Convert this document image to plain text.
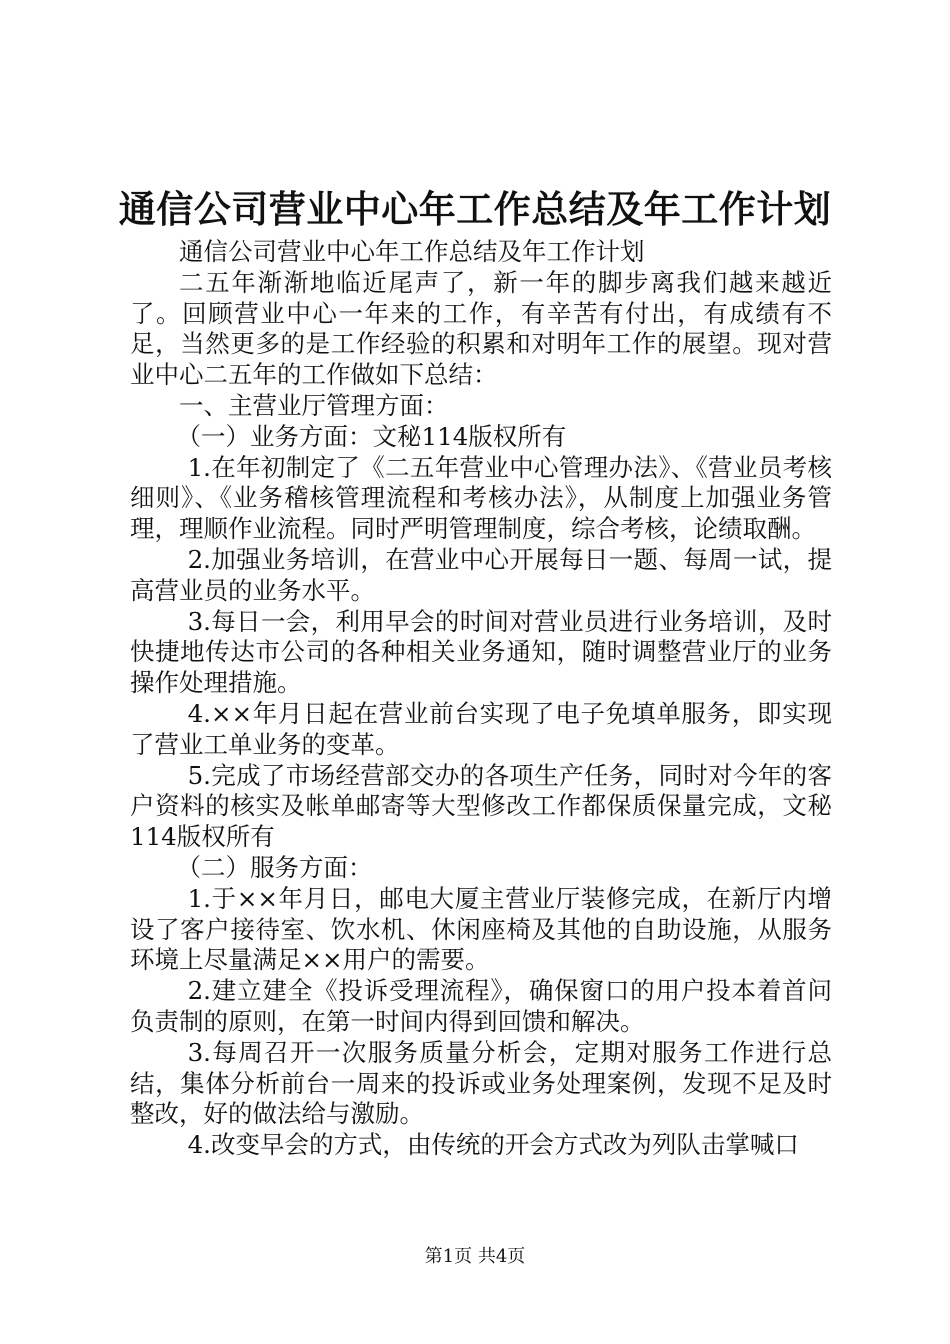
通信公司营业中心年工作总结及年工作计划

通信公司营业中心年工作总结及年工作计划

二五年渐渐地临近尾声了，新一年的脚步离我们越来越近了。回顾营业中心一年来的工作，有辛苦有付出，有成绩有不足，当然更多的是工作经验的积累和对明年工作的展望。现对营业中心二五年的工作做如下总结：

一、主营业厅管理方面：

（一）业务方面：文秘114版权所有

1.在年初制定了《二五年营业中心管理办法》、《营业员考核细则》、《业务稽核管理流程和考核办法》，从制度上加强业务管理，理顺作业流程。同时严明管理制度，综合考核，论绩取酬。

2.加强业务培训，在营业中心开展每日一题、每周一试，提高营业员的业务水平。

3.每日一会，利用早会的时间对营业员进行业务培训，及时快捷地传达市公司的各种相关业务通知，随时调整营业厅的业务操作处理措施。

4.××年月日起在营业前台实现了电子免填单服务，即实现了营业工单业务的变革。

5.完成了市场经营部交办的各项生产任务，同时对今年的客户资料的核实及帐单邮寄等大型修改工作都保质保量完成，文秘114版权所有

（二）服务方面：

1.于××年月日，邮电大厦主营业厅装修完成，在新厅内增设了客户接待室、饮水机、休闲座椅及其他的自助设施，从服务环境上尽量满足××用户的需要。

2.建立建全《投诉受理流程》，确保窗口的用户投本着首问负责制的原则，在第一时间内得到回馈和解决。

3.每周召开一次服务质量分析会，定期对服务工作进行总结，集体分析前台一周来的投诉或业务处理案例，发现不足及时整改，好的做法给与激励。

4.改变早会的方式，由传统的开会方式改为列队击掌喊口

第1页 共4页
